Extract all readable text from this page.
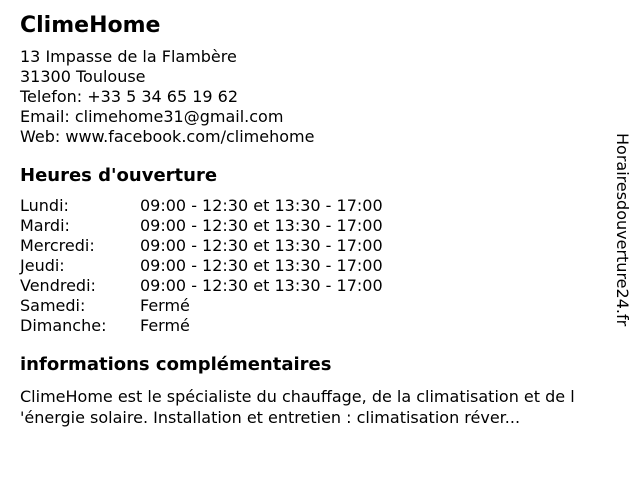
ClimeHome
13 Impasse de la Flambère
31300 Toulouse
Telefon: +33 5 34 65 19 62
Email: climehome31@gmail.com
Web: www.facebook.com/climehome
Heures d'ouverture
Lundi:	09:00 - 12:30 et 13:30 - 17:00
Mardi:	09:00 - 12:30 et 13:30 - 17:00
Mercredi:	09:00 - 12:30 et 13:30 - 17:00
Jeudi:	09:00 - 12:30 et 13:30 - 17:00
Vendredi:	09:00 - 12:30 et 13:30 - 17:00
Samedi:	Fermé
Dimanche:	Fermé
informations complémentaires
ClimeHome est le spécialiste du chauffage, de la climatisation et de l
'énergie solaire. Installation et entretien : climatisation réver...
Horairesdouverture24.fr
